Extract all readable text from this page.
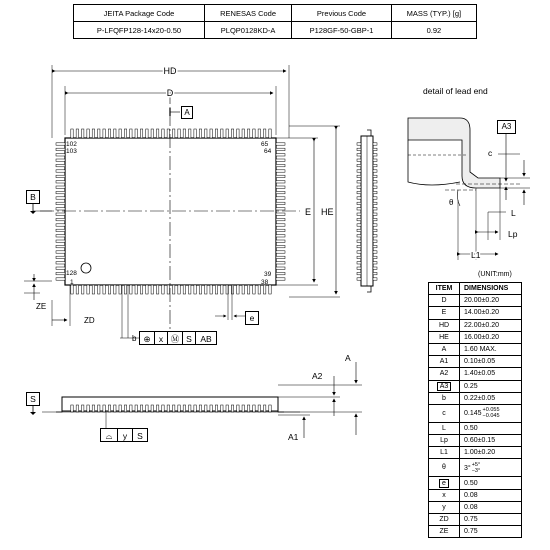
JEITA Package Code	RENESAS Code	Previous Code	MASS (TYP.) [g]
P-LFQFP128-14x20-0.50	PLQP0128KD-A	P128GF-50-GBP-1	0.92
HD
D
E HE
102
103
65
64
128
1
39
38
ZE
ZD
b
detail of lead end
c
θ
L
Lp
L1
A
A2
A1
A
B
e
A3
S
⊕ x Ⓜ S	AB
⌓	y	S
(UNIT:mm)
ITEM	DIMENSIONS
D	20.00±0.20
E	14.00±0.20
HD	22.00±0.20
HE	16.00±0.20
A	1.60 MAX.
A1	0.10±0.05
A2	1.40±0.05
A3	0.25
b	0.22±0.05
c	0.145 +0.055
−0.045

L	0.50
Lp	0.60±0.15
L1	1.00±0.20
θ	3° +5°
−3°

e	0.50
x	0.08
y	0.08
ZD	0.75
ZE	0.75
